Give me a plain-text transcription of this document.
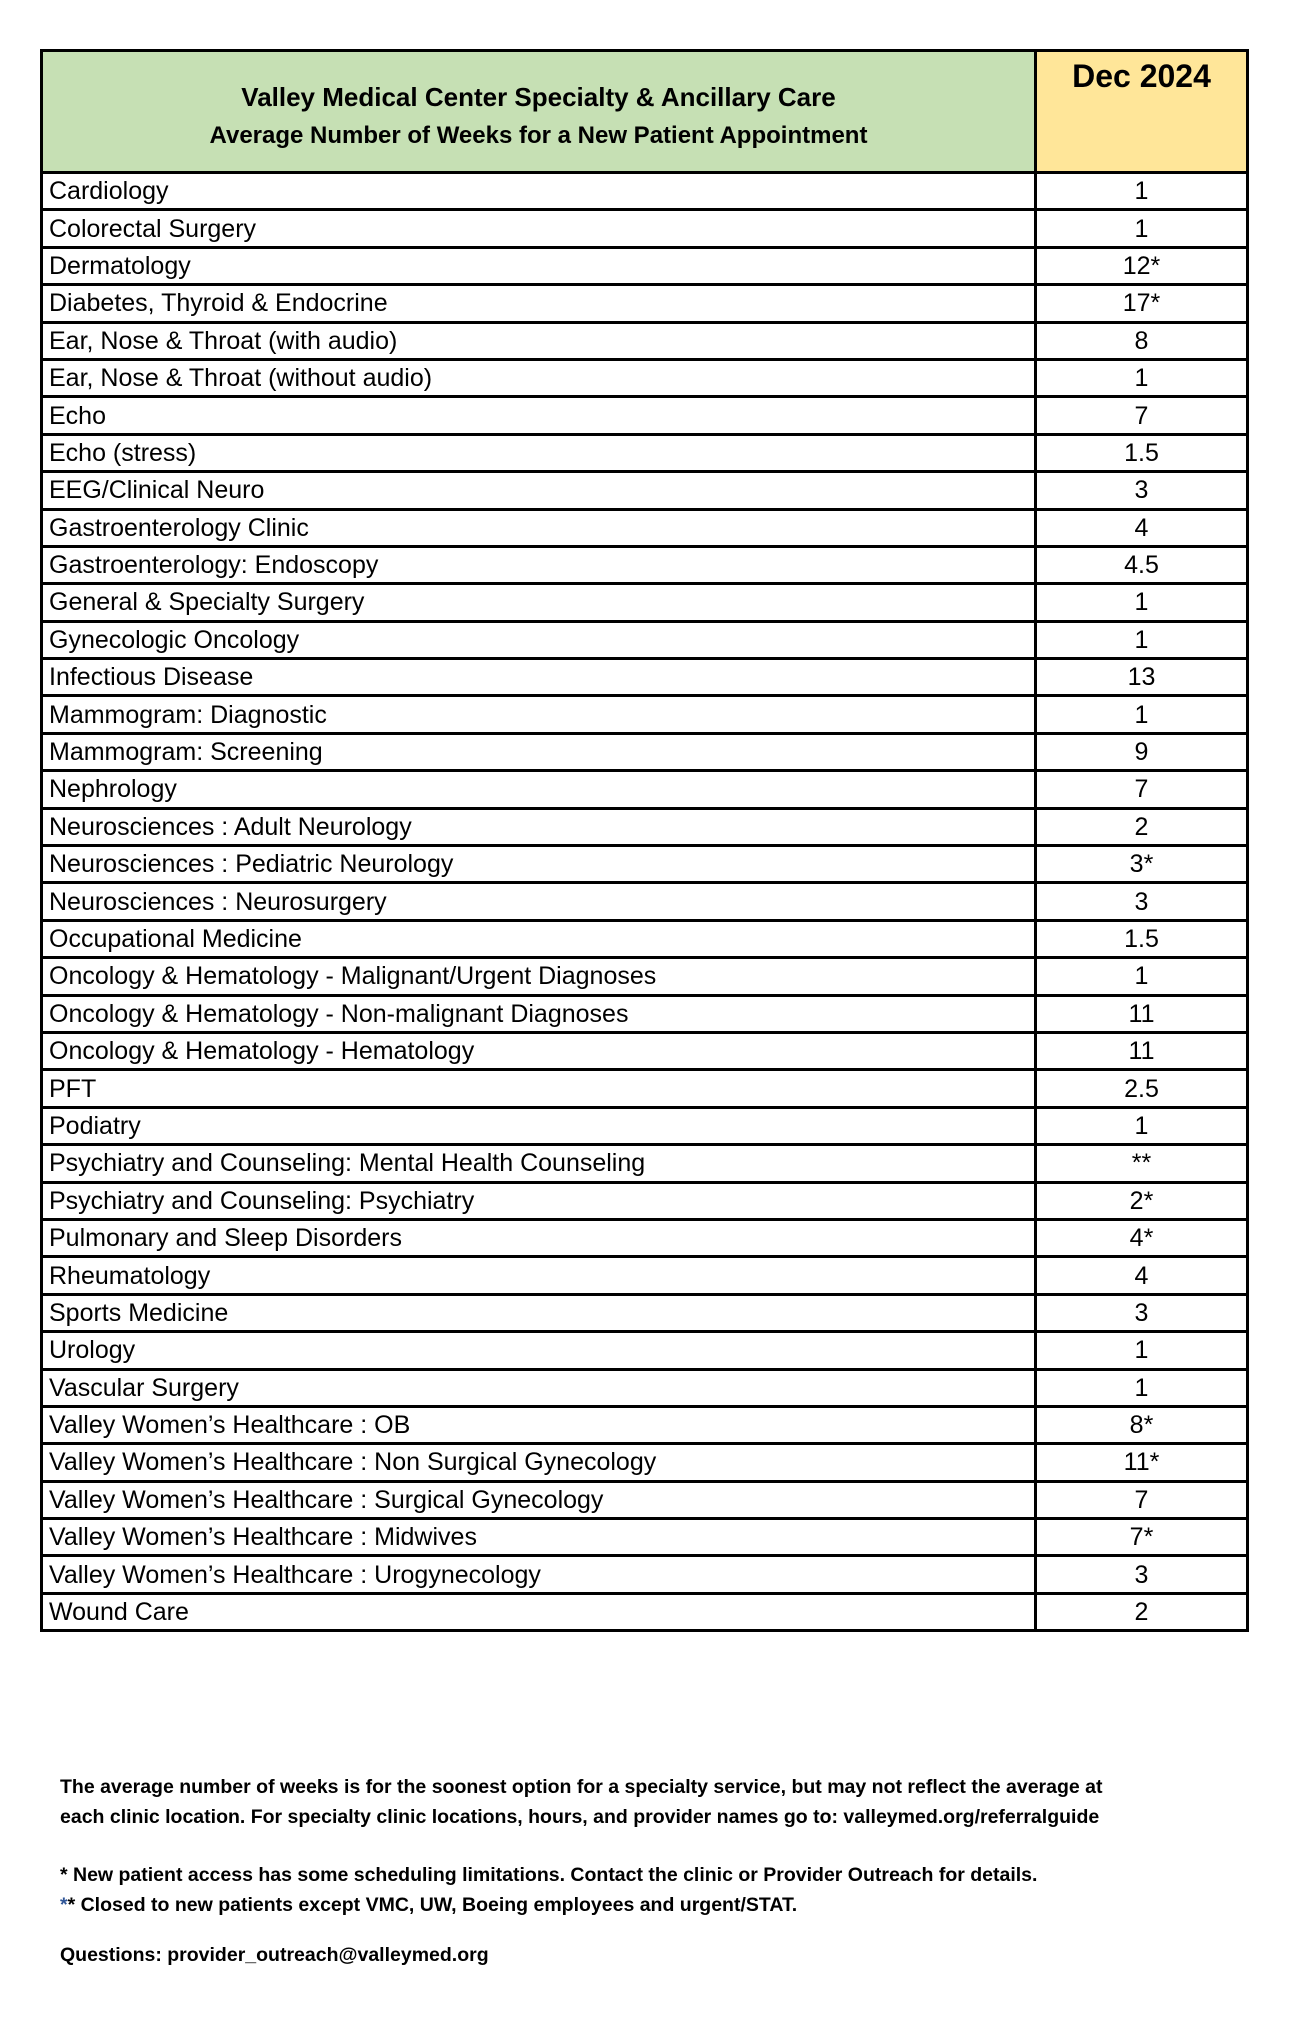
Valley Medical Center Specialty & Ancillary Care
Average Number of Weeks for a New Patient Appointment	Dec 2024
Cardiology	1
Colorectal Surgery	1
Dermatology	12*
Diabetes, Thyroid & Endocrine	17*
Ear, Nose & Throat (with audio)	8
Ear, Nose & Throat (without audio)	1
Echo	7
Echo (stress)	1.5
EEG/Clinical Neuro	3
Gastroenterology Clinic	4
Gastroenterology: Endoscopy	4.5
General & Specialty Surgery	1
Gynecologic Oncology	1
Infectious Disease	13
Mammogram: Diagnostic	1
Mammogram: Screening	9
Nephrology	7
Neurosciences : Adult Neurology	2
Neurosciences : Pediatric Neurology	3*
Neurosciences : Neurosurgery	3
Occupational Medicine	1.5
Oncology & Hematology - Malignant/Urgent Diagnoses	1
Oncology & Hematology - Non-malignant Diagnoses	11
Oncology & Hematology - Hematology	11
PFT	2.5
Podiatry	1
Psychiatry and Counseling: Mental Health Counseling	**
Psychiatry and Counseling: Psychiatry	2*
Pulmonary and Sleep Disorders	4*
Rheumatology	4
Sports Medicine	3
Urology	1
Vascular Surgery	1
Valley Women’s Healthcare : OB	8*
Valley Women’s Healthcare : Non Surgical Gynecology	11*
Valley Women’s Healthcare : Surgical Gynecology	7
Valley Women’s Healthcare : Midwives	7*
Valley Women’s Healthcare : Urogynecology	3
Wound Care	2

The average number of weeks is for the soonest option for a specialty service, but may not reflect the average at

each clinic location. For specialty clinic locations, hours, and provider names go to: valleymed.org/referralguide

* New patient access has some scheduling limitations. Contact the clinic or Provider Outreach for details.

** Closed to new patients except VMC, UW, Boeing employees and urgent/STAT.

Questions: provider_outreach@valleymed.org
